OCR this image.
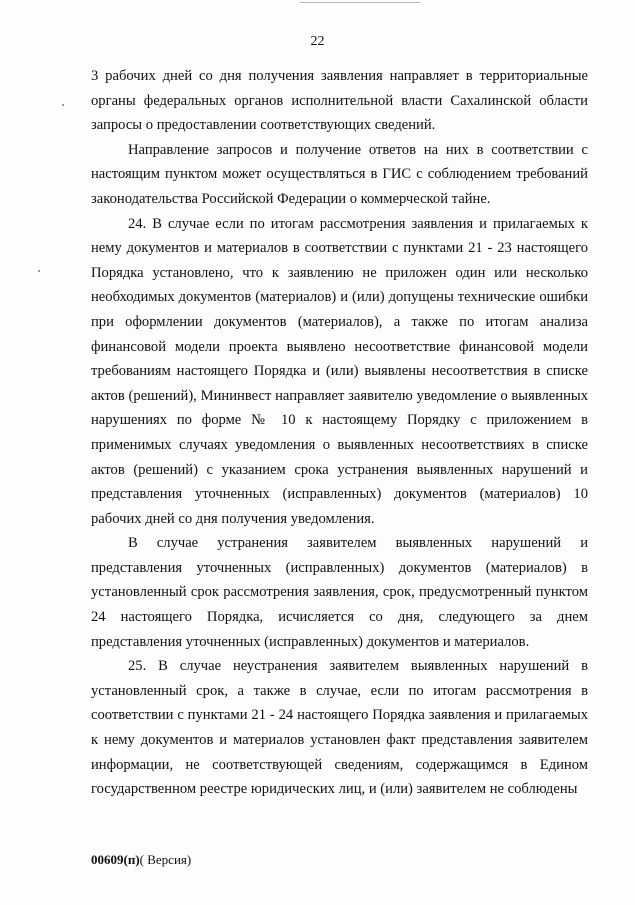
22

3 рабочих дней со дня получения заявления направляет в территориальные органы федеральных органов исполнительной власти Сахалинской области запросы о предоставлении соответствующих сведений.

Направление запросов и получение ответов на них в соответствии с настоящим пунктом может осуществляться в ГИС с соблюдением требований законодательства Российской Федерации о коммерческой тайне.

24. В случае если по итогам рассмотрения заявления и прилагаемых к нему документов и материалов в соответствии с пунктами 21 - 23 настоящего Порядка установлено, что к заявлению не приложен один или несколько необходимых документов (материалов) и (или) допущены технические ошибки при оформлении документов (материалов), а также по итогам анализа финансовой модели проекта выявлено несоответствие финансовой модели требованиям настоящего Порядка и (или) выявлены несоответствия в списке актов (решений), Мининвест направляет заявителю уведомление о выявленных нарушениях по форме № 10 к настоящему Порядку с приложением в применимых случаях уведомления о выявленных несоответствиях в списке актов (решений) с указанием срока устранения выявленных нарушений и представления уточненных (исправленных) документов (материалов) 10 рабочих дней со дня получения уведомления.

В случае устранения заявителем выявленных нарушений и представления уточненных (исправленных) документов (материалов) в установленный срок рассмотрения заявления, срок, предусмотренный пунктом 24 настоящего Порядка, исчисляется со дня, следующего за днем представления уточненных (исправленных) документов и материалов.

25. В случае неустранения заявителем выявленных нарушений в установленный срок, а также в случае, если по итогам рассмотрения в соответствии с пунктами 21 - 24 настоящего Порядка заявления и прилагаемых к нему документов и материалов установлен факт представления заявителем информации, не соответствующей сведениям, содержащимся в Едином государственном реестре юридических лиц, и (или) заявителем не соблюдены

00609(п)( Версия)
